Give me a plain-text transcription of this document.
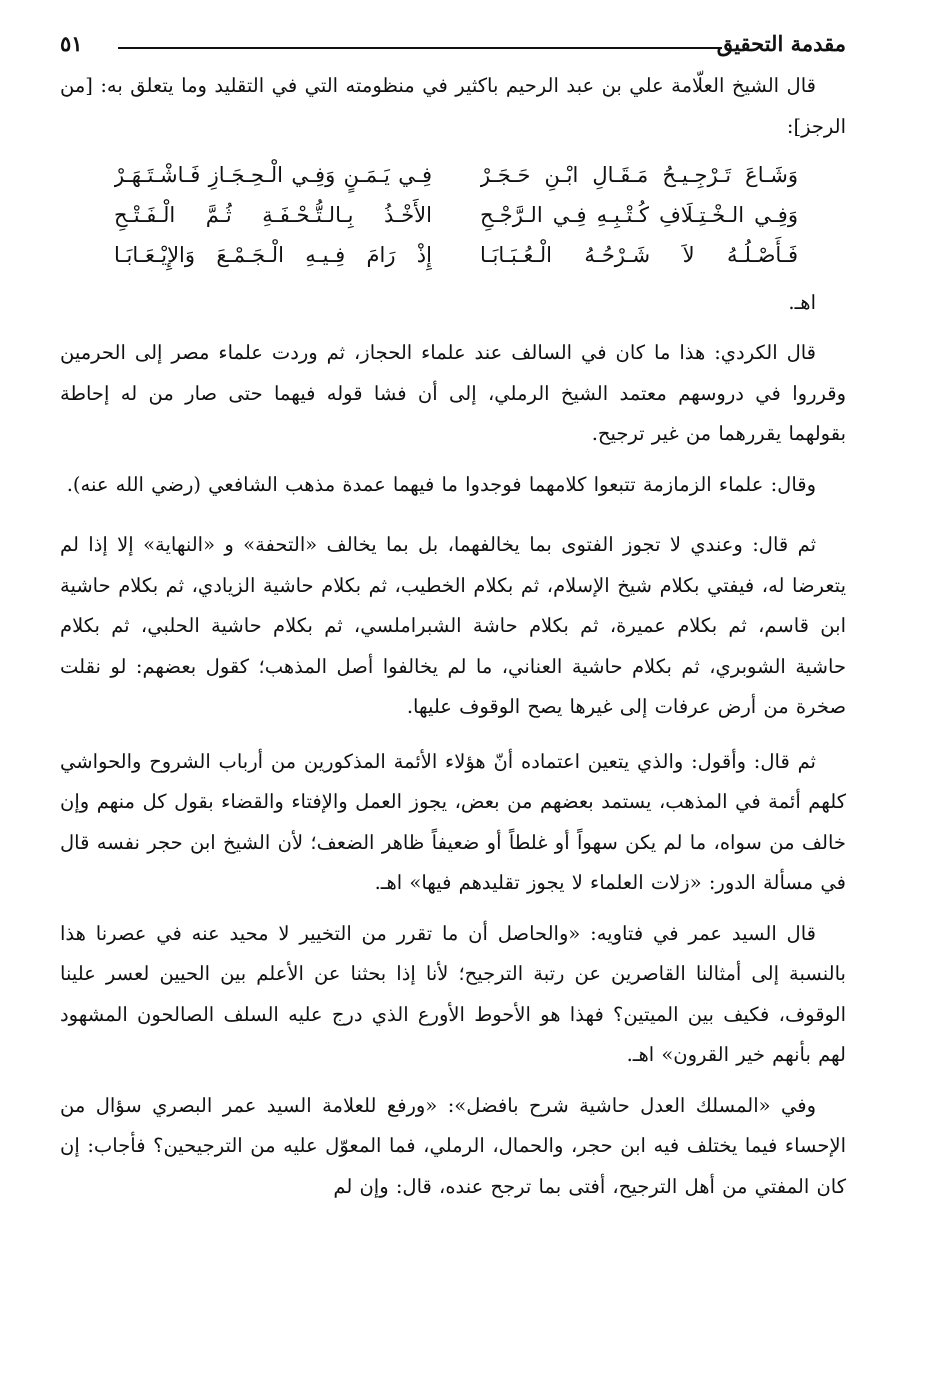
مقدمة التحقيق
٥١

قال الشيخ العلّامة علي بن عبد الرحيم باكثير في منظومته التي في التقليد وما يتعلق به: [من الرجز]:

وَشَـاعَ تَـرْجِـيـحُ مَـقَـالِ ابْـنِ حَـجَـرْ
فِـي يَـمَـنٍ وَفِـي الْـحِـجَـازِ فَـاشْـتَـهَـرْ
وَفِـي الـخْـتِـلَافِ كُـتْـبِـهِ فِـي الـرَّجْـحِ
الأَخْـذُ بِـالـتُّـحْـفَـةِ ثُـمَّ الْـفَـتْـحِ
فَـأَصْـلُـهُ لاَ شَـرْحُـهُ الْـعُـبَـابَـا
إِذْ رَامَ فِـيـهِ الْـجَـمْـعَ وَالإِيْـعَـابَـا

اهـ.

قال الكردي: هذا ما كان في السالف عند علماء الحجاز، ثم وردت علماء مصر إلى الحرمين وقرروا في دروسهم معتمد الشيخ الرملي، إلى أن فشا قوله فيهما حتى صار من له إحاطة بقولهما يقررهما من غير ترجيح.

وقال: علماء الزمازمة تتبعوا كلامهما فوجدوا ما فيهما عمدة مذهب الشافعي (رضي الله عنه).

ثم قال: وعندي لا تجوز الفتوى بما يخالفهما، بل بما يخالف «التحفة» و «النهاية» إلا إذا لم يتعرضا له، فيفتي بكلام شيخ الإسلام، ثم بكلام الخطيب، ثم بكلام حاشية الزيادي، ثم بكلام حاشية ابن قاسم، ثم بكلام عميرة، ثم بكلام حاشة الشبراملسي، ثم بكلام حاشية الحلبي، ثم بكلام حاشية الشوبري، ثم بكلام حاشية العناني، ما لم يخالفوا أصل المذهب؛ كقول بعضهم: لو نقلت صخرة من أرض عرفات إلى غيرها يصح الوقوف عليها.

ثم قال: وأقول: والذي يتعين اعتماده أنّ هؤلاء الأئمة المذكورين من أرباب الشروح والحواشي كلهم أئمة في المذهب، يستمد بعضهم من بعض، يجوز العمل والإفتاء والقضاء بقول كل منهم وإن خالف من سواه، ما لم يكن سهواً أو غلطاً أو ضعيفاً ظاهر الضعف؛ لأن الشيخ ابن حجر نفسه قال في مسألة الدور: «زلات العلماء لا يجوز تقليدهم فيها» اهـ.

قال السيد عمر في فتاويه: «والحاصل أن ما تقرر من التخيير لا محيد عنه في عصرنا هذا بالنسبة إلى أمثالنا القاصرين عن رتبة الترجيح؛ لأنا إذا بحثنا عن الأعلم بين الحيين لعسر علينا الوقوف، فكيف بين الميتين؟ فهذا هو الأحوط الأورع الذي درج عليه السلف الصالحون المشهود لهم بأنهم خير القرون» اهـ.

وفي «المسلك العدل حاشية شرح بافضل»: «ورفع للعلامة السيد عمر البصري سؤال من الإحساء فيما يختلف فيه ابن حجر، والحمال، الرملي، فما المعوّل عليه من الترجيحين؟ فأجاب: إن كان المفتي من أهل الترجيح، أفتى بما ترجح عنده، قال: وإن لم
